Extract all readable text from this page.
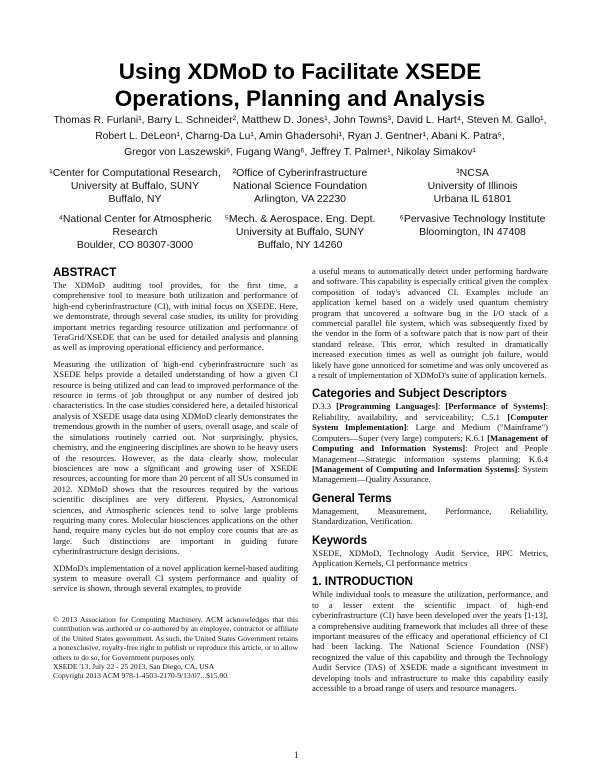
Using XDMoD to Facilitate XSEDE
Operations, Planning and Analysis
Thomas R. Furlani¹, Barry L. Schneider², Matthew D. Jones¹, John Towns³, David L. Hart⁴, Steven M. Gallo¹,
Robert L. DeLeon¹, Charng-Da Lu¹, Amin Ghadersohi¹, Ryan J. Gentner¹, Abani K. Patra⁵,
Gregor von Laszewski⁶, Fugang Wang⁶, Jeffrey T. Palmer¹, Nikolay Simakov¹
¹Center for Computational Research,
University at Buffalo, SUNY
Buffalo, NY
²Office of Cyberinfrastructure
National Science Foundation
Arlington, VA 22230
³NCSA
University of Illinois
Urbana IL 61801
⁴National Center for Atmospheric
Research
Boulder, CO 80307-3000
⁵Mech. & Aerospace. Eng. Dept.
University at Buffalo, SUNY
Buffalo, NY 14260
⁶Pervasive Technology Institute
Bloomington, IN 47408

ABSTRACT

The XDMoD auditing tool provides, for the first time, a comprehensive tool to measure both utilization and performance of high-end cyberinfrastructure (CI), with initial focus on XSEDE. Here, we demonstrate, through several case studies, its utility for providing important metrics regarding resource utilization and performance of TeraGrid/XSEDE that can be used for detailed analysis and planning as well as improving operational efficiency and performance.

Measuring the utilization of high-end cyberinfrastructure such as XSEDE helps provide a detailed understanding of how a given CI resource is being utilized and can lead to improved performance of the resource in terms of job throughput or any number of desired job characteristics. In the case studies considered here, a detailed historical analysis of XSEDE usage data using XDMoD clearly demonstrates the tremendous growth in the number of users, overall usage, and scale of the simulations routinely carried out. Not surprisingly, physics, chemistry, and the engineering disciplines are shown to be heavy users of the resources. However, as the data clearly show, molecular biosciences are now a significant and growing user of XSEDE resources, accounting for more than 20 percent of all SUs consumed in 2012. XDMoD shows that the resources required by the various scientific disciplines are very different. Physics, Astronomical sciences, and Atmospheric sciences tend to solve large problems requiring many cores. Molecular biosciences applications on the other hand, require many cycles but do not employ core counts that are as large. Such distinctions are important in guiding future cyberinfrastructure design decisions.

XDMoD's implementation of a novel application kernel-based auditing system to measure overall CI system performance and quality of service is shown, through several examples, to provide

© 2013 Association for Computing Machinery. ACM acknowledges that this contribution was authored or co-authored by an employee, contractor or affiliate of the United States government. As such, the United States Government retains a nonexclusive, royalty-free right to publish or reproduce this article, or to allow others to do so, for Government purposes only.

XSEDE '13, July 22 - 25 2013, San Diego, CA, USA

Copyright 2013 ACM 978-1-4503-2170-9/13/07...$15.00.

a useful means to automatically detect under performing hardware and software. This capability is especially critical given the complex composition of today's advanced CI. Examples include an application kernel based on a widely used quantum chemistry program that uncovered a software bug in the I/O stack of a commercial parallel file system, which was subsequently fixed by the vendor in the form of a software patch that is now part of their standard release. This error, which resulted in dramatically increased execution times as well as outright job failure, would likely have gone unnoticed for sometime and was only uncovered as a result of implementation of XDMoD's suite of application kernels.

Categories and Subject Descriptors

D.3.3 [Programming Languages]: [Performance of Systems]: Reliability, availability, and serviceability; C.5.1 [Computer System Implementation]: Large and Medium ("Mainframe") Computers—Super (very large) computers; K.6.1 [Management of Computing and Information Systems]: Project and People Management—Strategic information systems planning; K.6.4 [Management of Computing and Information Systems]: System Management—Quality Assurance.

General Terms

Management, Measurement, Performance, Reliability, Standardization, Verification.

Keywords

XSEDE, XDMoD, Technology Audit Service, HPC Metrics, Application Kernels, CI performance metrics

1. INTRODUCTION

While individual tools to measure the utilization, performance, and to a lesser extent the scientific impact of high-end cyberinfrastructure (CI) have been developed over the years [1-13], a comprehensive auditing framework that includes all three of these important measures of the efficacy and operational efficiency of CI had been lacking. The National Science Foundation (NSF) recognized the value of this capability and through the Technology Audit Service (TAS) of XSEDE made a significant investment in developing tools and infrastructure to make this capability easily accessible to a broad range of users and resource managers.

1
